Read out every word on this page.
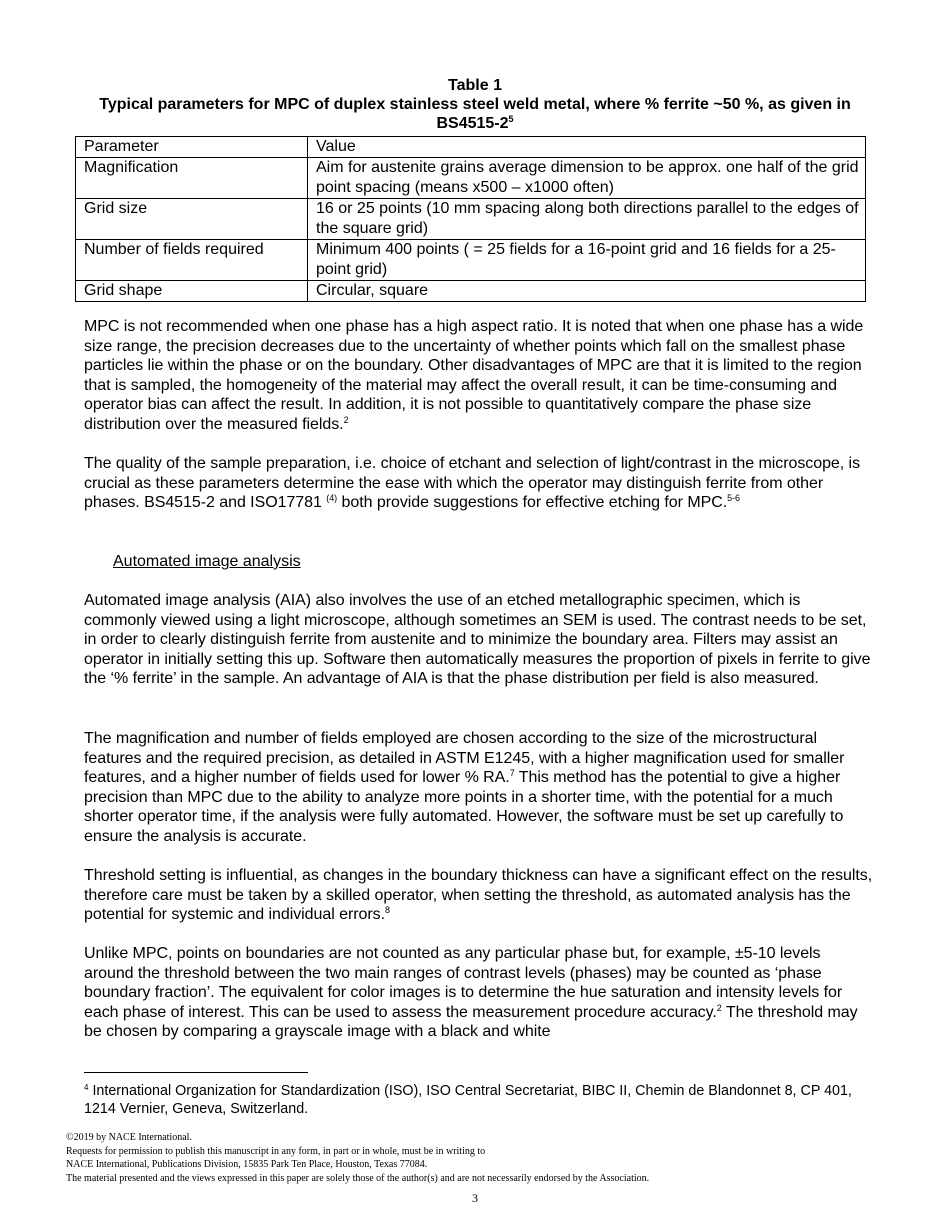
Table 1
Typical parameters for MPC of duplex stainless steel weld metal, where % ferrite ~50 %, as given in $BS4515-2^5$
Parameter	Value
Magnification	Aim for austenite grains average dimension to be approx. one half of the grid point spacing (means x500 – x1000 often)
Grid size	16 or 25 points (10 mm spacing along both directions parallel to the edges of the square grid)
Number of fields required	Minimum 400 points ( = 25 fields for a 16-point grid and 16 fields for a 25-point grid)
Grid shape	Circular, square

MPC is not recommended when one phase has a high aspect ratio. It is noted that when one phase has a wide size range, the precision decreases due to the uncertainty of whether points which fall on the smallest phase particles lie within the phase or on the boundary. Other disadvantages of MPC are that it is limited to the region that is sampled, the homogeneity of the material may affect the overall result, it can be time-consuming and operator bias can affect the result. In addition, it is not possible to quantitatively compare the phase size distribution over the measured fields.$^2$

The quality of the sample preparation, i.e. choice of etchant and selection of light/contrast in the microscope, is crucial as these parameters determine the ease with which the operator may distinguish ferrite from other phases. BS4515-2 and ISO17781 $^{(4)}$ both provide suggestions for effective etching for MPC.$^{5-6}$

Automated image analysis

Automated image analysis (AIA) also involves the use of an etched metallographic specimen, which is commonly viewed using a light microscope, although sometimes an SEM is used. The contrast needs to be set, in order to clearly distinguish ferrite from austenite and to minimize the boundary area. Filters may assist an operator in initially setting this up. Software then automatically measures the proportion of pixels in ferrite to give the ‘% ferrite’ in the sample. An advantage of AIA is that the phase distribution per field is also measured.

The magnification and number of fields employed are chosen according to the size of the microstructural features and the required precision, as detailed in ASTM E1245, with a higher magnification used for smaller features, and a higher number of fields used for lower % RA.$^7$ This method has the potential to give a higher precision than MPC due to the ability to analyze more points in a shorter time, with the potential for a much shorter operator time, if the analysis were fully automated. However, the software must be set up carefully to ensure the analysis is accurate.

Threshold setting is influential, as changes in the boundary thickness can have a significant effect on the results, therefore care must be taken by a skilled operator, when setting the threshold, as automated analysis has the potential for systemic and individual errors.$^8$

Unlike MPC, points on boundaries are not counted as any particular phase but, for example, ±5-10 levels around the threshold between the two main ranges of contrast levels (phases) may be counted as ‘phase boundary fraction’. The equivalent for color images is to determine the hue saturation and intensity levels for each phase of interest. This can be used to assess the measurement procedure accuracy.$^2$ The threshold may be chosen by comparing a grayscale image with a black and white

$^4$ International Organization for Standardization (ISO), ISO Central Secretariat, BIBC II, Chemin de Blandonnet 8, CP 401, 1214 Vernier, Geneva, Switzerland.

©2019 by NACE International.
Requests for permission to publish this manuscript in any form, in part or in whole, must be in writing to
NACE International, Publications Division, 15835 Park Ten Place, Houston, Texas 77084.
The material presented and the views expressed in this paper are solely those of the author(s) and are not necessarily endorsed by the Association.
3
